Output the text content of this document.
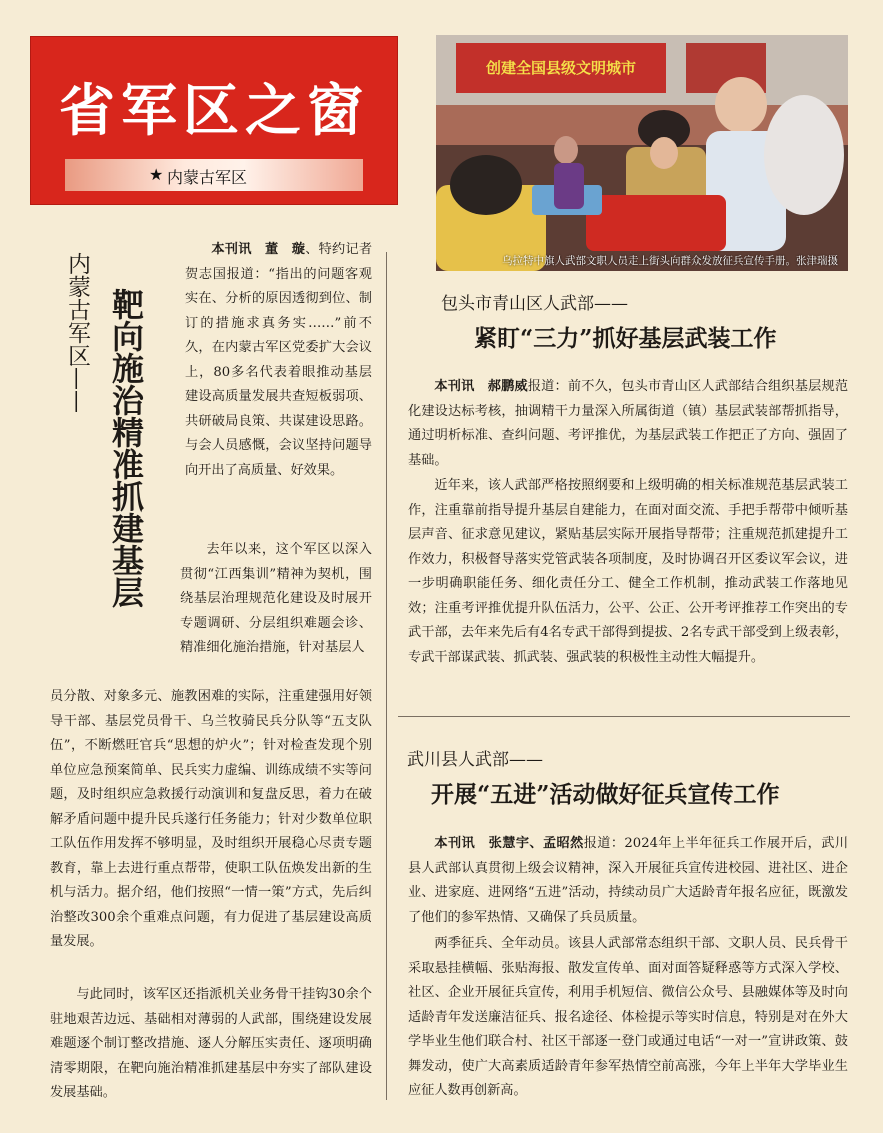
省军区之窗
★ 内蒙古军区
创建全国县级文明城市
乌拉特中旗人武部文职人员走上街头向群众发放征兵宣传手册。张津瑞摄
内蒙古军区—— 靶向施治精准抓建基层

本刊讯　董　璇、特约记者贺志国报道：“指出的问题客观实在、分析的原因透彻到位、制订的措施求真务实……”前不久，在内蒙古军区党委扩大会议上，80多名代表着眼推动基层建设高质量发展共查短板弱项、共研破局良策、共谋建设思路。与会人员感慨，会议坚持问题导向开出了高质量、好效果。

去年以来，这个军区以深入贯彻“江西集训”精神为契机，围绕基层治理规范化建设及时展开专题调研、分层组织难题会诊、精准细化施治措施，针对基层人

员分散、对象多元、施教困难的实际，注重建强用好领导干部、基层党员骨干、乌兰牧骑民兵分队等“五支队伍”，不断燃旺官兵“思想的炉火”；针对检查发现个别单位应急预案简单、民兵实力虚编、训练成绩不实等问题，及时组织应急救援行动演训和复盘反思，着力在破解矛盾问题中提升民兵遂行任务能力；针对少数单位职工队伍作用发挥不够明显，及时组织开展稳心尽责专题教育，靠上去进行重点帮带，使职工队伍焕发出新的生机与活力。据介绍，他们按照“一情一策”方式，先后纠治整改300余个重难点问题，有力促进了基层建设高质量发展。

与此同时，该军区还指派机关业务骨干挂钩30余个驻地艰苦边远、基础相对薄弱的人武部，围绕建设发展难题逐个制订整改措施、逐人分解压实责任、逐项明确清零期限，在靶向施治精准抓建基层中夯实了部队建设发展基础。

包头市青山区人武部——
紧盯“三力”抓好基层武装工作

本刊讯　郝鹏威报道：前不久，包头市青山区人武部结合组织基层规范化建设达标考核，抽调精干力量深入所属街道（镇）基层武装部帮抓指导，通过明析标准、查纠问题、考评推优，为基层武装工作把正了方向、强固了基础。

近年来，该人武部严格按照纲要和上级明确的相关标准规范基层武装工作，注重靠前指导提升基层自建能力，在面对面交流、手把手帮带中倾听基层声音、征求意见建议，紧贴基层实际开展指导帮带；注重规范抓建提升工作效力，积极督导落实党管武装各项制度，及时协调召开区委议军会议，进一步明确职能任务、细化责任分工、健全工作机制，推动武装工作落地见效；注重考评推优提升队伍活力，公平、公正、公开考评推荐工作突出的专武干部，去年来先后有4名专武干部得到提拔、2名专武干部受到上级表彰，专武干部谋武装、抓武装、强武装的积极性主动性大幅提升。

武川县人武部——
开展“五进”活动做好征兵宣传工作

本刊讯　张慧宇、孟昭然报道：2024年上半年征兵工作展开后，武川县人武部认真贯彻上级会议精神，深入开展征兵宣传进校园、进社区、进企业、进家庭、进网络“五进”活动，持续动员广大适龄青年报名应征，既激发了他们的参军热情、又确保了兵员质量。

两季征兵、全年动员。该县人武部常态组织干部、文职人员、民兵骨干采取悬挂横幅、张贴海报、散发宣传单、面对面答疑释惑等方式深入学校、社区、企业开展征兵宣传，利用手机短信、微信公众号、县融媒体等及时向适龄青年发送廉洁征兵、报名途径、体检提示等实时信息，特别是对在外大学毕业生他们联合村、社区干部逐一登门或通过电话“一对一”宣讲政策、鼓舞发动，使广大高素质适龄青年参军热情空前高涨，今年上半年大学毕业生应征人数再创新高。
